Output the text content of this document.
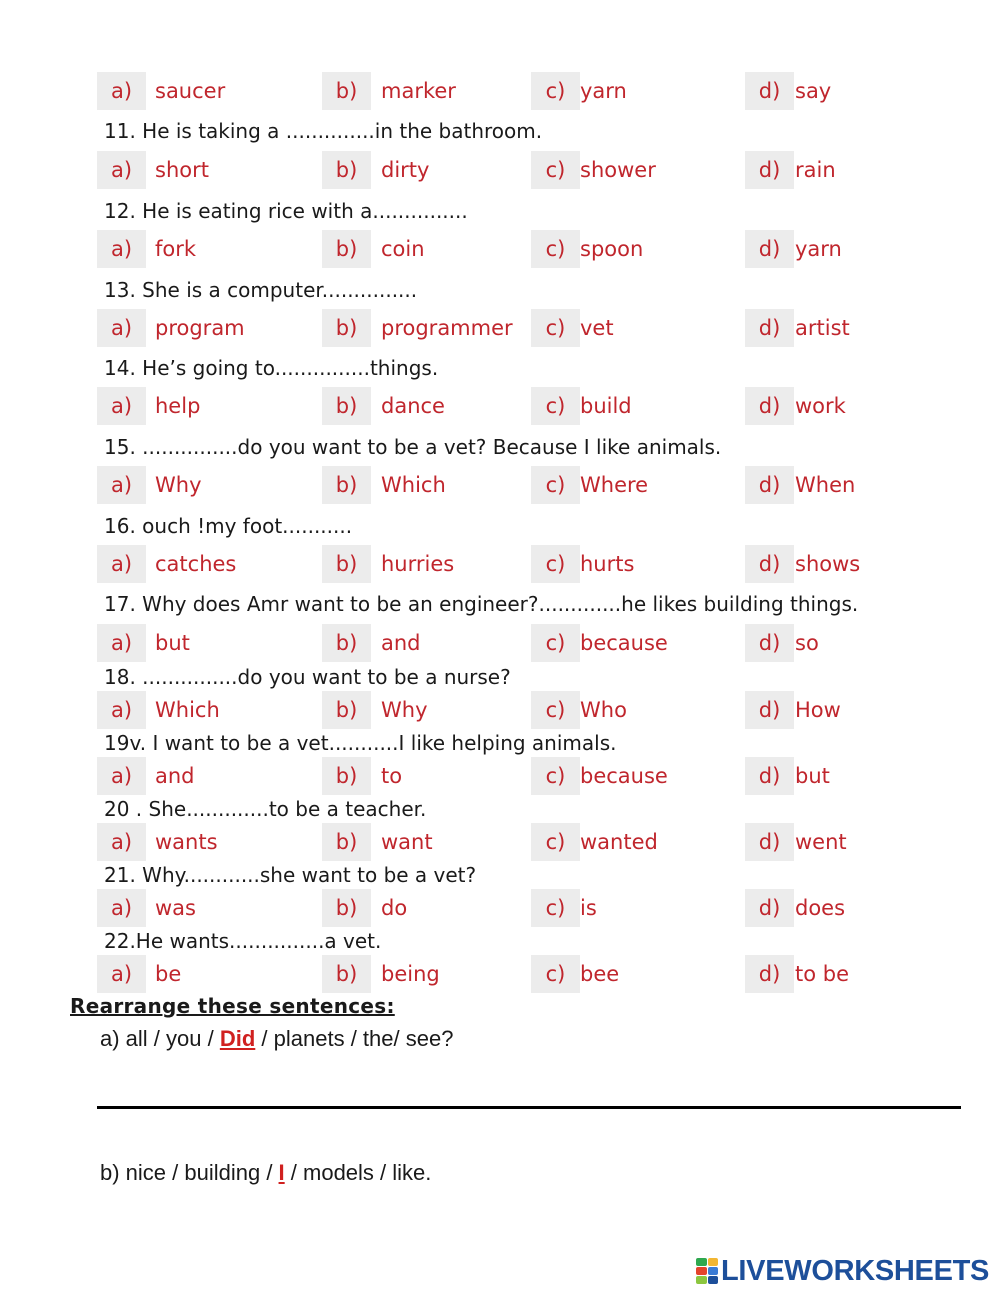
a)	saucer	b)	marker	c) yarn	d) say
11. He is taking a ..............in the bathroom.
a)	short	b)	dirty	c) shower	d) rain
12. He is eating rice with a...............
a)	fork	b)	coin	c) spoon	d) yarn
13. She is a computer...............
a)	program	b)	programmer	c) vet	d) artist
14. He’s going to...............things.
a)	help	b)	dance	c) build	d) work
15. ...............do you want to be a vet? Because I like animals.
a)	Why	b)	Which	c) Where	d) When
16. ouch !my foot...........
a)	catches	b)	hurries	c) hurts	d) shows
17. Why does Amr want to be an engineer?.............he likes building things.
a)	but	b)	and	c) because	d) so
18. ...............do you want to be a nurse?
a)	Which	b)	Why	c) Who	d) How
19v. I want to be a vet...........I like helping animals.
a)	and	b)	to	c) because	d) but
20 . She.............to be a teacher.
a)	wants	b)	want	c) wanted	d) went
21. Why............she want to be a vet?
a)	was	b)	do	c) is	d) does
22.He wants...............a vet.
a)	be	b)	being	c) bee	d) to be
Rearrange these sentences:
a) all / you / Did / planets / the/ see?
b) nice / building / I / models / like.
LIVEWORKSHEETS
